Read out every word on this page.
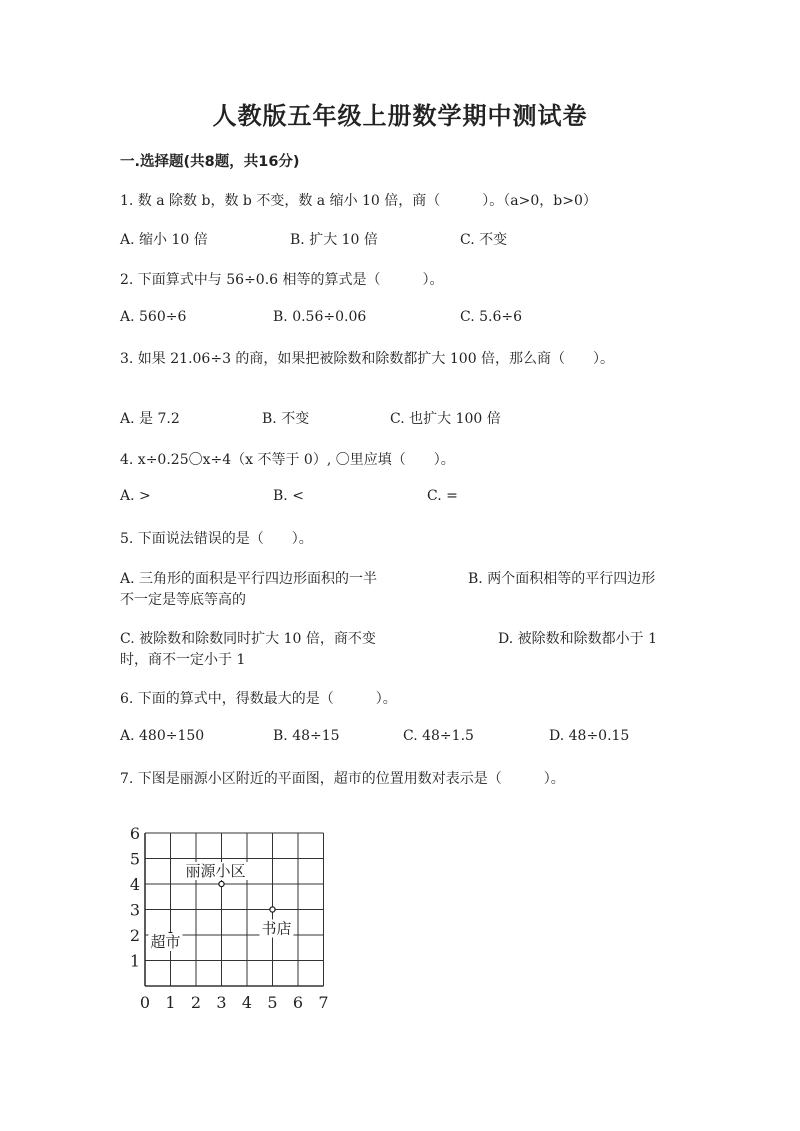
人教版五年级上册数学期中测试卷
一.选择题(共8题，共16分)
1. 数 a 除数 b，数 b 不变，数 a 缩小 10 倍，商（　　　）。（a>0，b>0）
A. 缩小 10 倍	B. 扩大 10 倍	C. 不变
2. 下面算式中与 56÷0.6 相等的算式是（　　　）。
A. 560÷6	B. 0.56÷0.06	C. 5.6÷6
3. 如果 21.06÷3 的商，如果把被除数和除数都扩大 100 倍，那么商（　　）。
A. 是 7.2	B. 不变	C. 也扩大 100 倍
4. x÷0.25〇x÷4（x 不等于 0）, 〇里应填（　　）。
A. >	B. <	C. =
5. 下面说法错误的是（　　）。
A. 三角形的面积是平行四边形面积的一半	B. 两个面积相等的平行四边形
不一定是等底等高的
C. 被除数和除数同时扩大 10 倍，商不变	D. 被除数和除数都小于 1
时，商不一定小于 1
6. 下面的算式中，得数最大的是（　　　）。
A. 480÷150	B. 48÷15	C. 48÷1.5	D. 48÷0.15
7. 下图是丽源小区附近的平面图，超市的位置用数对表示是（　　　）。
0 1 2 3 4 5 6 7
1
2
3
4
5
6
丽源小区
超市
书店
